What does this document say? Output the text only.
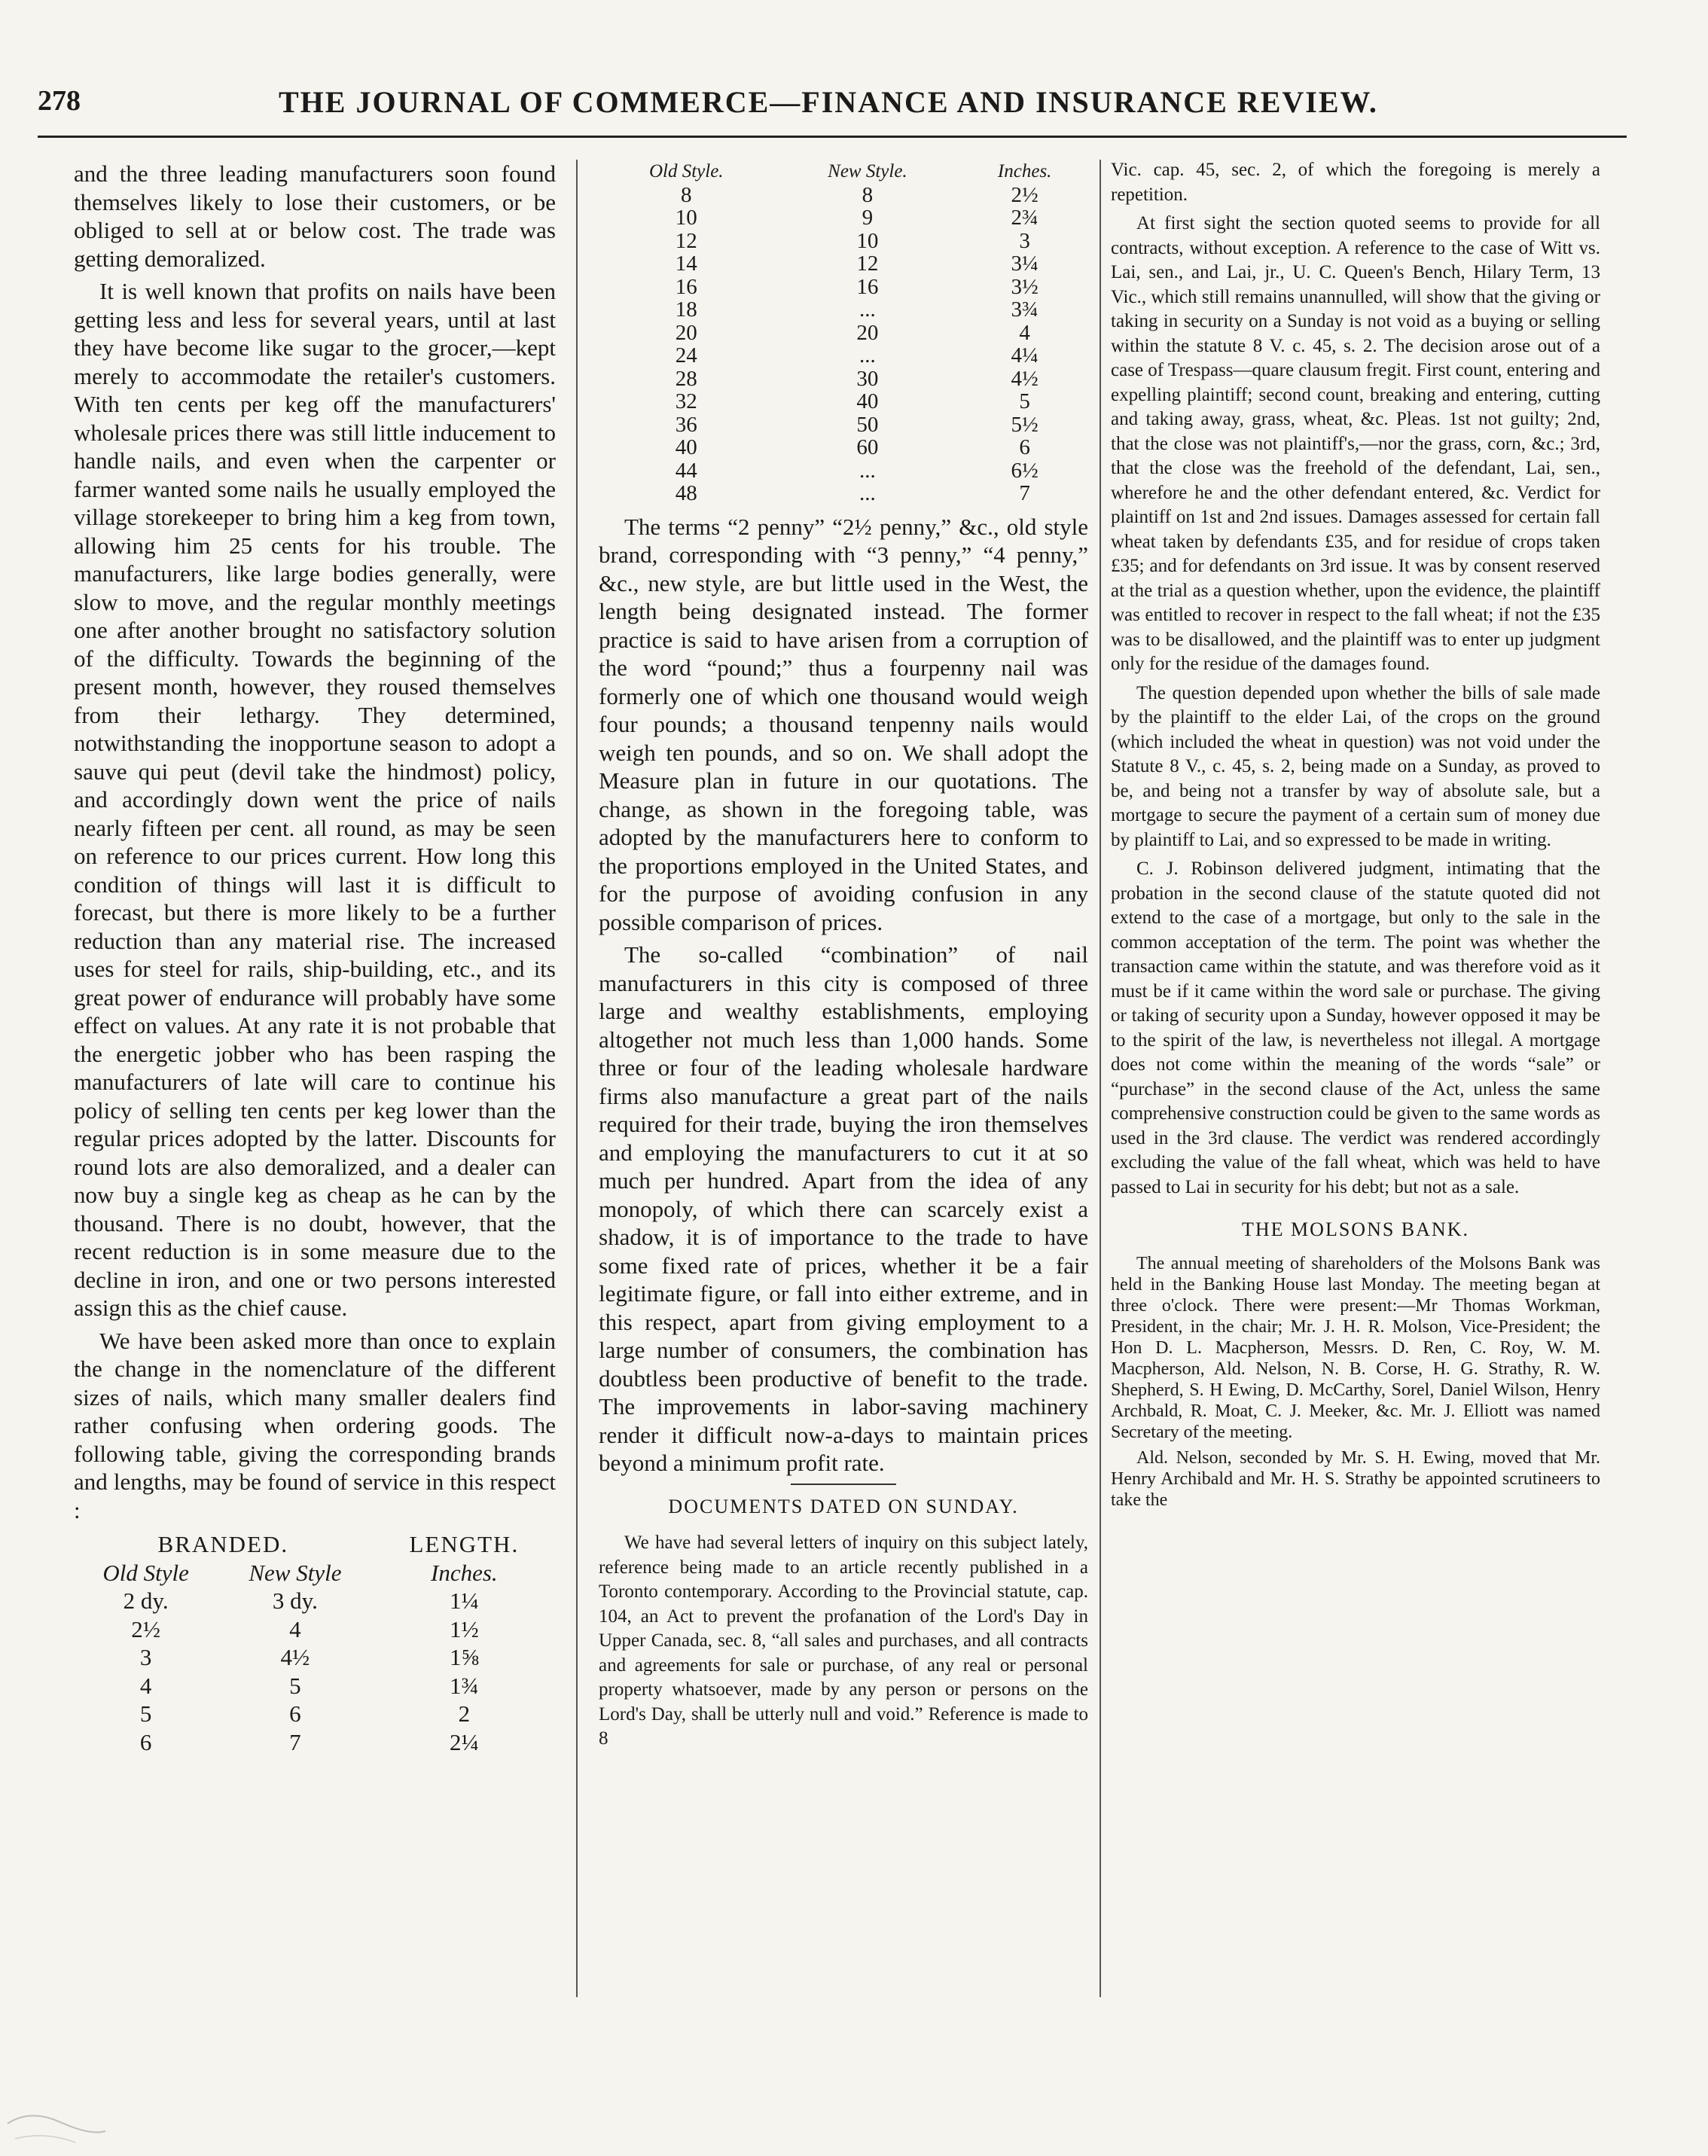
278	THE JOURNAL OF COMMERCE—FINANCE AND INSURANCE REVIEW.

and the three leading manufacturers soon found themselves likely to lose their customers, or be obliged to sell at or below cost. The trade was getting demoralized.

It is well known that profits on nails have been getting less and less for several years, until at last they have become like sugar to the grocer,—kept merely to accommodate the retailer's customers. With ten cents per keg off the manufacturers' wholesale prices there was still little inducement to handle nails, and even when the carpenter or farmer wanted some nails he usually employed the village storekeeper to bring him a keg from town, allowing him 25 cents for his trouble. The manufacturers, like large bodies generally, were slow to move, and the regular monthly meetings one after another brought no satisfactory solution of the difficulty. Towards the beginning of the present month, however, they roused themselves from their lethargy. They determined, notwithstanding the inopportune season to adopt a sauve qui peut (devil take the hindmost) policy, and accordingly down went the price of nails nearly fifteen per cent. all round, as may be seen on reference to our prices current. How long this condition of things will last it is difficult to forecast, but there is more likely to be a further reduction than any material rise. The increased uses for steel for rails, ship-building, etc., and its great power of endurance will probably have some effect on values. At any rate it is not probable that the energetic jobber who has been rasping the manufacturers of late will care to continue his policy of selling ten cents per keg lower than the regular prices adopted by the latter. Discounts for round lots are also demoralized, and a dealer can now buy a single keg as cheap as he can by the thousand. There is no doubt, however, that the recent reduction is in some measure due to the decline in iron, and one or two persons interested assign this as the chief cause.

We have been asked more than once to explain the change in the nomenclature of the different sizes of nails, which many smaller dealers find rather confusing when ordering goods. The following table, giving the corresponding brands and lengths, may be found of service in this respect :

BRANDED.		LENGTH.
Old Style	New Style	Inches.
2 dy.	3 dy.	1¼
2½	4	1½
3	4½	1⅝
4	5	1¾
5	6	2
6	7	2¼
Old Style.	New Style.	Inches.
8	8	2½
10	9	2¾
12	10	3
14	12	3¼
16	16	3½
18	...	3¾
20	20	4
24	...	4¼
28	30	4½
32	40	5
36	50	5½
40	60	6
44	...	6½
48	...	7

The terms “2 penny” “2½ penny,” &c., old style brand, corresponding with “3 penny,” “4 penny,” &c., new style, are but little used in the West, the length being designated instead. The former practice is said to have arisen from a corruption of the word “pound;” thus a fourpenny nail was formerly one of which one thousand would weigh four pounds; a thousand tenpenny nails would weigh ten pounds, and so on. We shall adopt the Measure plan in future in our quotations. The change, as shown in the foregoing table, was adopted by the manufacturers here to conform to the proportions employed in the United States, and for the purpose of avoiding confusion in any possible comparison of prices.

The so-called “combination” of nail manufacturers in this city is composed of three large and wealthy establishments, employing altogether not much less than 1,000 hands. Some three or four of the leading wholesale hardware firms also manufacture a great part of the nails required for their trade, buying the iron themselves and employing the manufacturers to cut it at so much per hundred. Apart from the idea of any monopoly, of which there can scarcely exist a shadow, it is of importance to the trade to have some fixed rate of prices, whether it be a fair legitimate figure, or fall into either extreme, and in this respect, apart from giving employment to a large number of consumers, the combination has doubtless been productive of benefit to the trade. The improvements in labor-saving machinery render it difficult now-a-days to maintain prices beyond a minimum profit rate.

DOCUMENTS DATED ON SUNDAY.

We have had several letters of inquiry on this subject lately, reference being made to an article recently published in a Toronto contemporary. According to the Provincial statute, cap. 104, an Act to prevent the profanation of the Lord's Day in Upper Canada, sec. 8, “all sales and purchases, and all contracts and agreements for sale or purchase, of any real or personal property whatsoever, made by any person or persons on the Lord's Day, shall be utterly null and void.” Reference is made to 8

Vic. cap. 45, sec. 2, of which the foregoing is merely a repetition.

At first sight the section quoted seems to provide for all contracts, without exception. A reference to the case of Witt vs. Lai, sen., and Lai, jr., U. C. Queen's Bench, Hilary Term, 13 Vic., which still remains unannulled, will show that the giving or taking in security on a Sunday is not void as a buying or selling within the statute 8 V. c. 45, s. 2. The decision arose out of a case of Trespass—quare clausum fregit. First count, entering and expelling plaintiff; second count, breaking and entering, cutting and taking away, grass, wheat, &c. Pleas. 1st not guilty; 2nd, that the close was not plaintiff's,—nor the grass, corn, &c.; 3rd, that the close was the freehold of the defendant, Lai, sen., wherefore he and the other defendant entered, &c. Verdict for plaintiff on 1st and 2nd issues. Damages assessed for certain fall wheat taken by defendants £35, and for residue of crops taken £35; and for defendants on 3rd issue. It was by consent reserved at the trial as a question whether, upon the evidence, the plaintiff was entitled to recover in respect to the fall wheat; if not the £35 was to be disallowed, and the plaintiff was to enter up judgment only for the residue of the damages found.

The question depended upon whether the bills of sale made by the plaintiff to the elder Lai, of the crops on the ground (which included the wheat in question) was not void under the Statute 8 V., c. 45, s. 2, being made on a Sunday, as proved to be, and being not a transfer by way of absolute sale, but a mortgage to secure the payment of a certain sum of money due by plaintiff to Lai, and so expressed to be made in writing.

C. J. Robinson delivered judgment, intimating that the probation in the second clause of the statute quoted did not extend to the case of a mortgage, but only to the sale in the common acceptation of the term. The point was whether the transaction came within the statute, and was therefore void as it must be if it came within the word sale or purchase. The giving or taking of security upon a Sunday, however opposed it may be to the spirit of the law, is nevertheless not illegal. A mortgage does not come within the meaning of the words “sale” or “purchase” in the second clause of the Act, unless the same comprehensive construction could be given to the same words as used in the 3rd clause. The verdict was rendered accordingly excluding the value of the fall wheat, which was held to have passed to Lai in security for his debt; but not as a sale.

THE MOLSONS BANK.

The annual meeting of shareholders of the Molsons Bank was held in the Banking House last Monday. The meeting began at three o'clock. There were present:—Mr Thomas Workman, President, in the chair; Mr. J. H. R. Molson, Vice-President; the Hon D. L. Macpherson, Messrs. D. Ren, C. Roy, W. M. Macpherson, Ald. Nelson, N. B. Corse, H. G. Strathy, R. W. Shepherd, S. H Ewing, D. McCarthy, Sorel, Daniel Wilson, Henry Archbald, R. Moat, C. J. Meeker, &c. Mr. J. Elliott was named Secretary of the meeting.

Ald. Nelson, seconded by Mr. S. H. Ewing, moved that Mr. Henry Archibald and Mr. H. S. Strathy be appointed scrutineers to take the
